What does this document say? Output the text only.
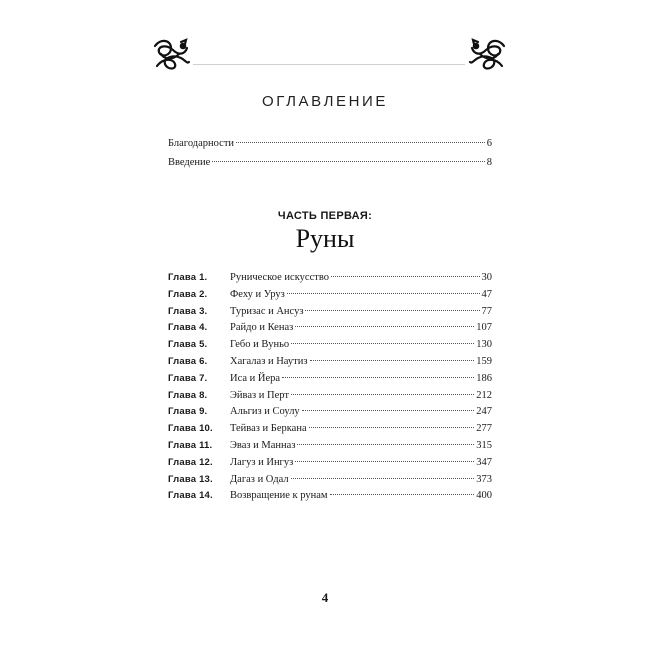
ОГЛАВЛЕНИЕ
Благодарности	6
Введение	8
ЧАСТЬ ПЕРВАЯ:
Руны
Глава 1.	Руническое искусство	30
Глава 2.	Феху и Уруз	47
Глава 3.	Туризас и Ансуз	77
Глава 4.	Райдо и Кеназ	107
Глава 5.	Гебо и Вуньо	130
Глава 6.	Хагалаз и Наутиз	159
Глава 7.	Иса и Йера	186
Глава 8.	Эйваз и Перт	212
Глава 9.	Альгиз и Соулу	247
Глава 10.	Тейваз и Беркана	277
Глава 11.	Эваз и Манназ	315
Глава 12.	Лагуз и Ингуз	347
Глава 13.	Дагаз и Одал	373
Глава 14.	Возвращение к рунам	400
4
